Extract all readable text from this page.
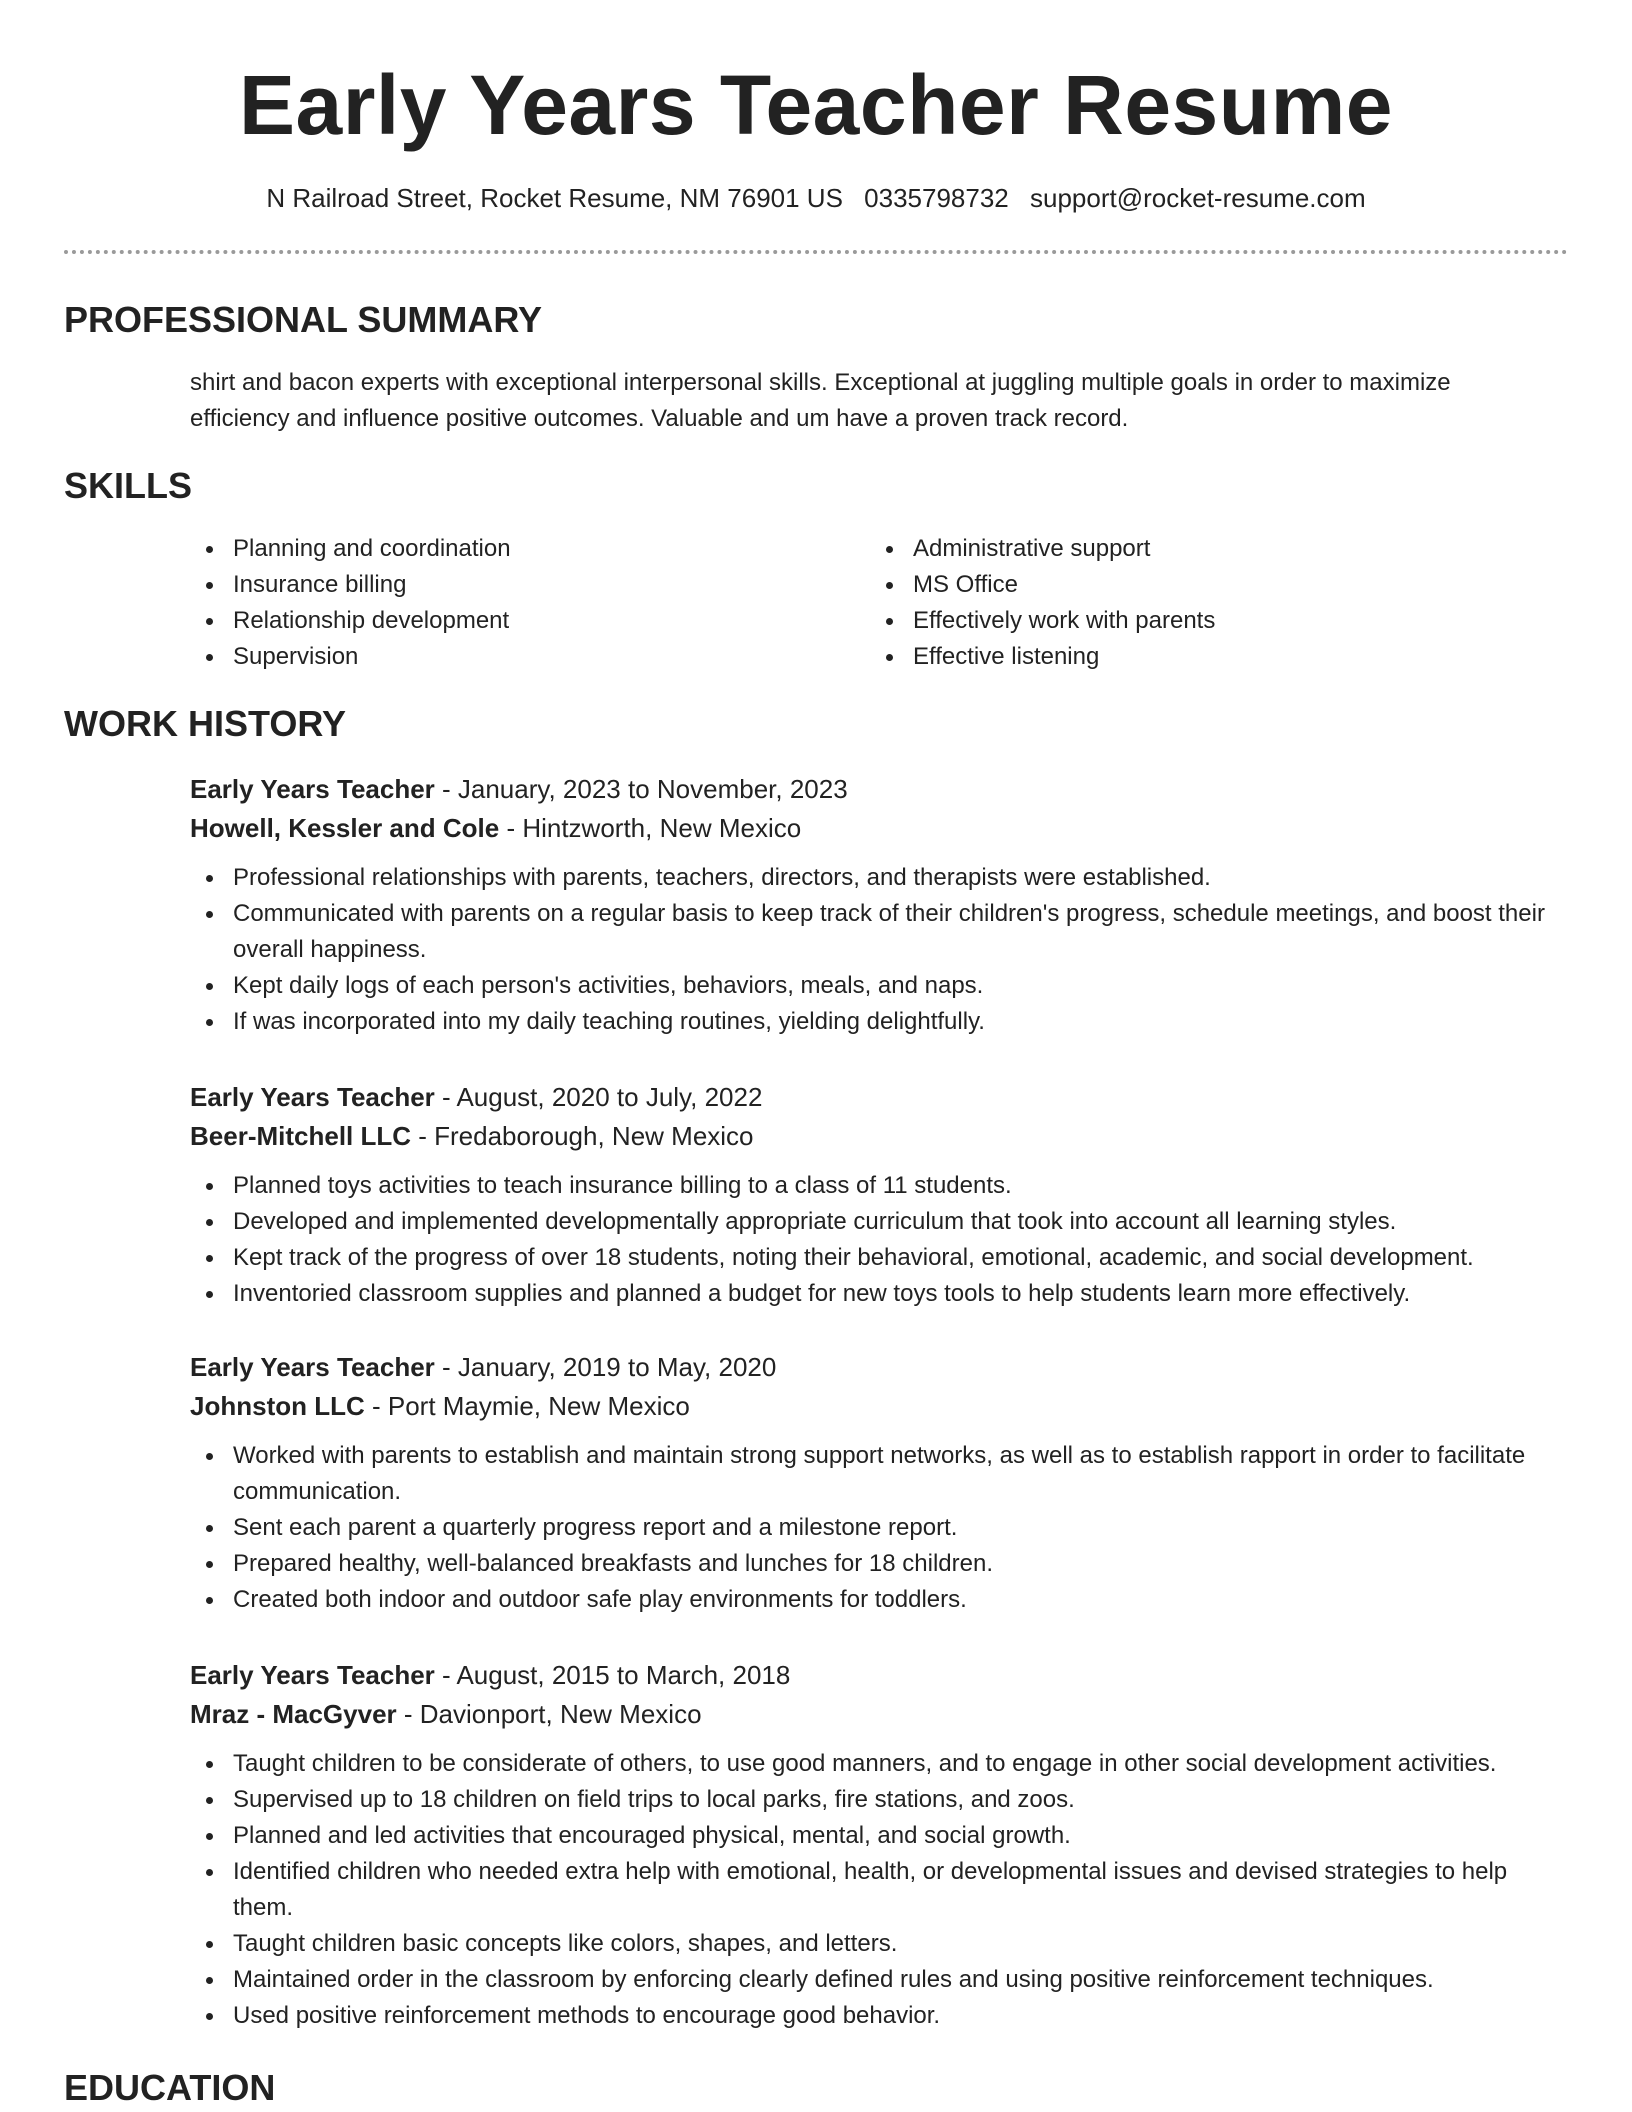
Early Years Teacher Resume
N Railroad Street, Rocket Resume, NM 76901 US 0335798732 support@rocket-resume.com
PROFESSIONAL SUMMARY

shirt and bacon experts with exceptional interpersonal skills. Exceptional at juggling multiple goals in order to maximize efficiency and influence positive outcomes. Valuable and um have a proven track record.

SKILLS
Planning and coordination
Insurance billing
Relationship development
Supervision
Administrative support
MS Office
Effectively work with parents
Effective listening
WORK HISTORY
Early Years Teacher - January, 2023 to November, 2023
Howell, Kessler and Cole - Hintzworth, New Mexico
Professional relationships with parents, teachers, directors, and therapists were established.
Communicated with parents on a regular basis to keep track of their children's progress, schedule meetings, and boost their overall happiness.
Kept daily logs of each person's activities, behaviors, meals, and naps.
If was incorporated into my daily teaching routines, yielding delightfully.
Early Years Teacher - August, 2020 to July, 2022
Beer-Mitchell LLC - Fredaborough, New Mexico
Planned toys activities to teach insurance billing to a class of 11 students.
Developed and implemented developmentally appropriate curriculum that took into account all learning styles.
Kept track of the progress of over 18 students, noting their behavioral, emotional, academic, and social development.
Inventoried classroom supplies and planned a budget for new toys tools to help students learn more effectively.
Early Years Teacher - January, 2019 to May, 2020
Johnston LLC - Port Maymie, New Mexico
Worked with parents to establish and maintain strong support networks, as well as to establish rapport in order to facilitate communication.
Sent each parent a quarterly progress report and a milestone report.
Prepared healthy, well-balanced breakfasts and lunches for 18 children.
Created both indoor and outdoor safe play environments for toddlers.
Early Years Teacher - August, 2015 to March, 2018
Mraz - MacGyver - Davionport, New Mexico
Taught children to be considerate of others, to use good manners, and to engage in other social development activities.
Supervised up to 18 children on field trips to local parks, fire stations, and zoos.
Planned and led activities that encouraged physical, mental, and social growth.
Identified children who needed extra help with emotional, health, or developmental issues and devised strategies to help them.
Taught children basic concepts like colors, shapes, and letters.
Maintained order in the classroom by enforcing clearly defined rules and using positive reinforcement techniques.
Used positive reinforcement methods to encourage good behavior.
EDUCATION
